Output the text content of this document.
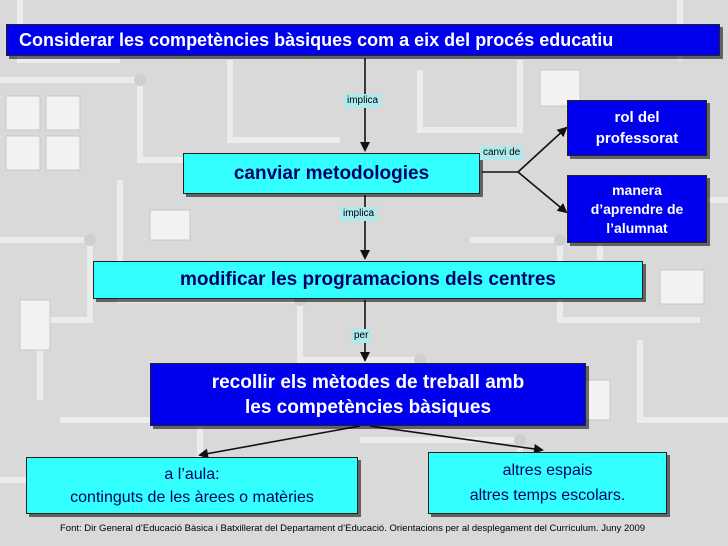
Considerar les competències bàsiques com a eix del procés educatiu
implica
canviar metodologies
canvi de
rol del
professorat
manera
d’aprendre de
l’alumnat
implica
modificar les programacions dels centres
per
recollir els mètodes de treball amb
les competències bàsiques
a l’aula:
continguts de les àrees o matèries
altres espais
altres temps escolars.
Font: Dir General d’Educació Bàsica i Batxillerat del Departament d’Educació. Orientacions per al desplegament del Currículum. Juny 2009
